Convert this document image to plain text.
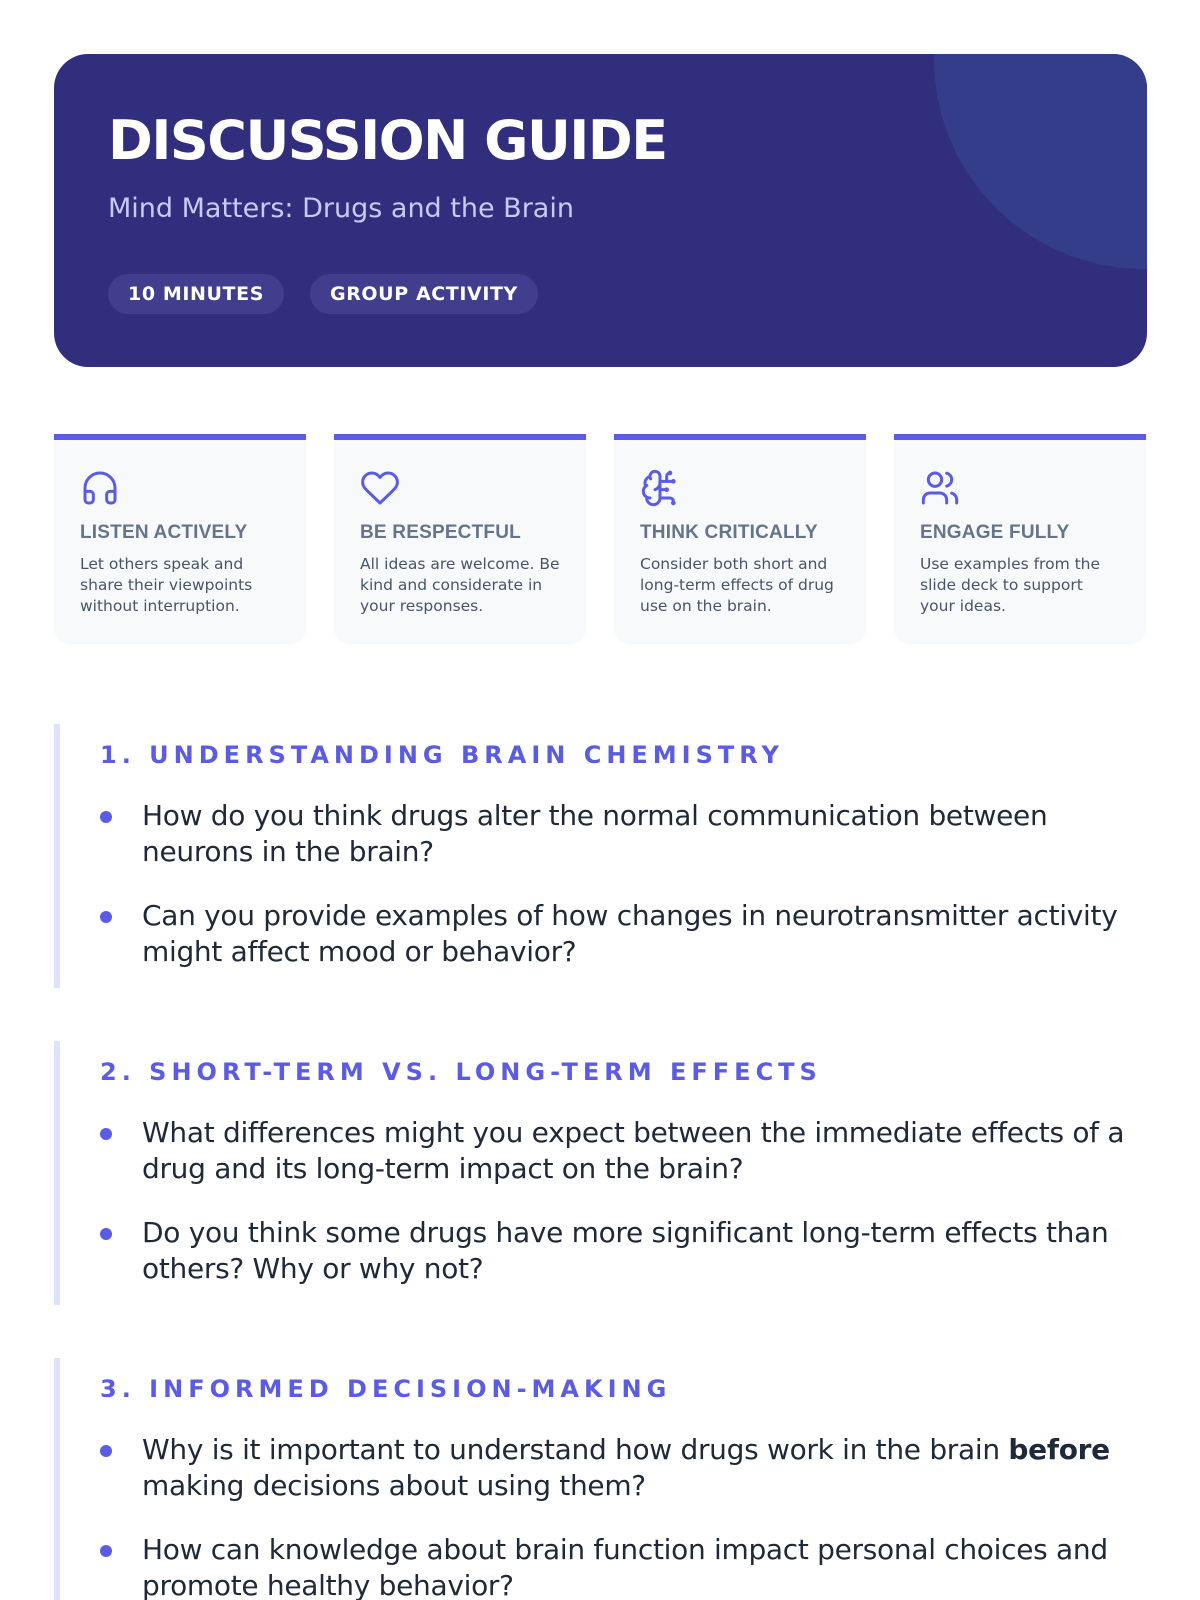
DISCUSSION GUIDE
Mind Matters: Drugs and the Brain
10 MINUTES	GROUP ACTIVITY
LISTEN ACTIVELY
Let others speak and share their viewpoints without interruption.
BE RESPECTFUL
All ideas are welcome. Be kind and considerate in your responses.
THINK CRITICALLY
Consider both short and long-term effects of drug use on the brain.
ENGAGE FULLY
Use examples from the slide deck to support your ideas.
1. UNDERSTANDING BRAIN CHEMISTRY
How do you think drugs alter the normal communication between neurons in the brain?
Can you provide examples of how changes in neurotransmitter activity might affect mood or behavior?
2. SHORT-TERM VS. LONG-TERM EFFECTS
What differences might you expect between the immediate effects of a drug and its long-term impact on the brain?
Do you think some drugs have more significant long-term effects than others? Why or why not?
3. INFORMED DECISION-MAKING
Why is it important to understand how drugs work in the brain before making decisions about using them?
How can knowledge about brain function impact personal choices and promote healthy behavior?
